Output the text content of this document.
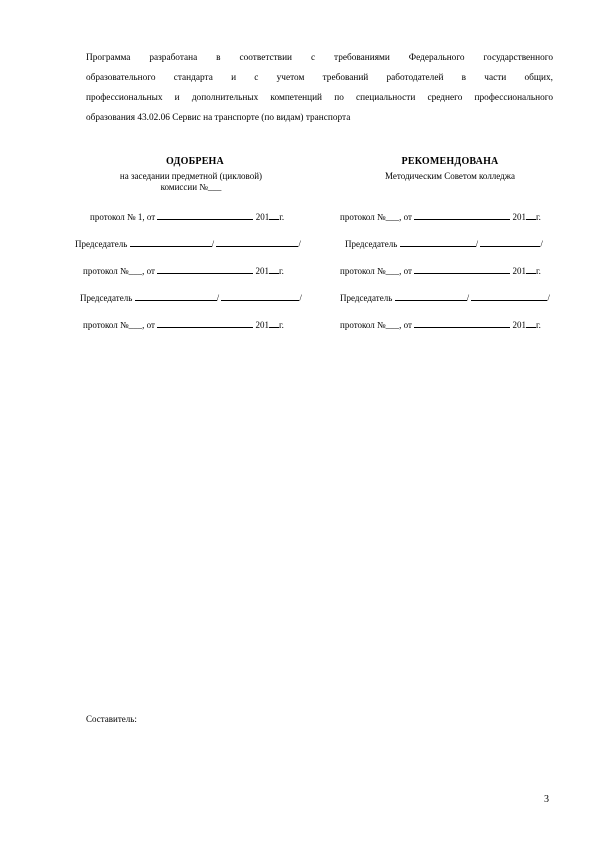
Программа разработана в соответствии с требованиями Федерального государственного
образовательного стандарта и с учетом требований работодателей в части общих,
профессиональных и дополнительных компетенций по специальности среднего профессионального
образования 43.02.06 Сервис на транспорте (по видам) транспорта
ОДОБРЕНА
на заседании предметной (цикловой)
комиссии №___
протокол № 1, от	201 г.
Председатель	/	/
протокол №___, от	201 г.
Председатель	/	/
протокол №___, от	201 г.
РЕКОМЕНДОВАНА
Методическим Советом колледжа
протокол №___, от	201 г.
Председатель	/	/
протокол №___, от	201 г.
Председатель	/	/
протокол №___, от	201 г.
Составитель:
3
